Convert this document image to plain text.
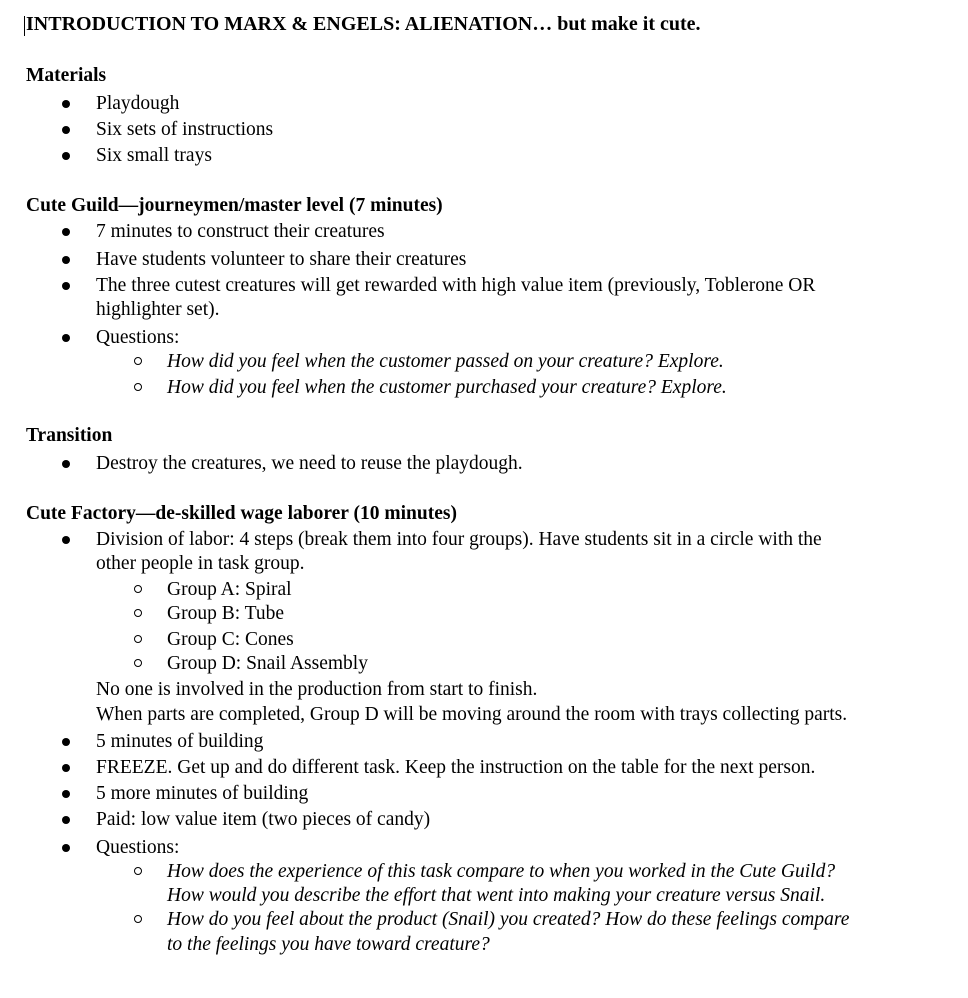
INTRODUCTION TO MARX & ENGELS: ALIENATION… but make it cute.
Materials
Playdough
Six sets of instructions
Six small trays
Cute Guild—journeymen/master level (7 minutes)
7 minutes to construct their creatures
Have students volunteer to share their creatures
The three cutest creatures will get rewarded with high value item (previously, Toblerone OR
highlighter set).
Questions:
How did you feel when the customer passed on your creature? Explore.
How did you feel when the customer purchased your creature? Explore.
Transition
Destroy the creatures, we need to reuse the playdough.
Cute Factory—de-skilled wage laborer (10 minutes)
Division of labor: 4 steps (break them into four groups). Have students sit in a circle with the
other people in task group.
Group A: Spiral
Group B: Tube
Group C: Cones
Group D: Snail Assembly
No one is involved in the production from start to finish.
When parts are completed, Group D will be moving around the room with trays collecting parts.
5 minutes of building
FREEZE. Get up and do different task. Keep the instruction on the table for the next person.
5 more minutes of building
Paid: low value item (two pieces of candy)
Questions:
How does the experience of this task compare to when you worked in the Cute Guild?
How would you describe the effort that went into making your creature versus Snail.
How do you feel about the product (Snail) you created? How do these feelings compare
to the feelings you have toward creature?
